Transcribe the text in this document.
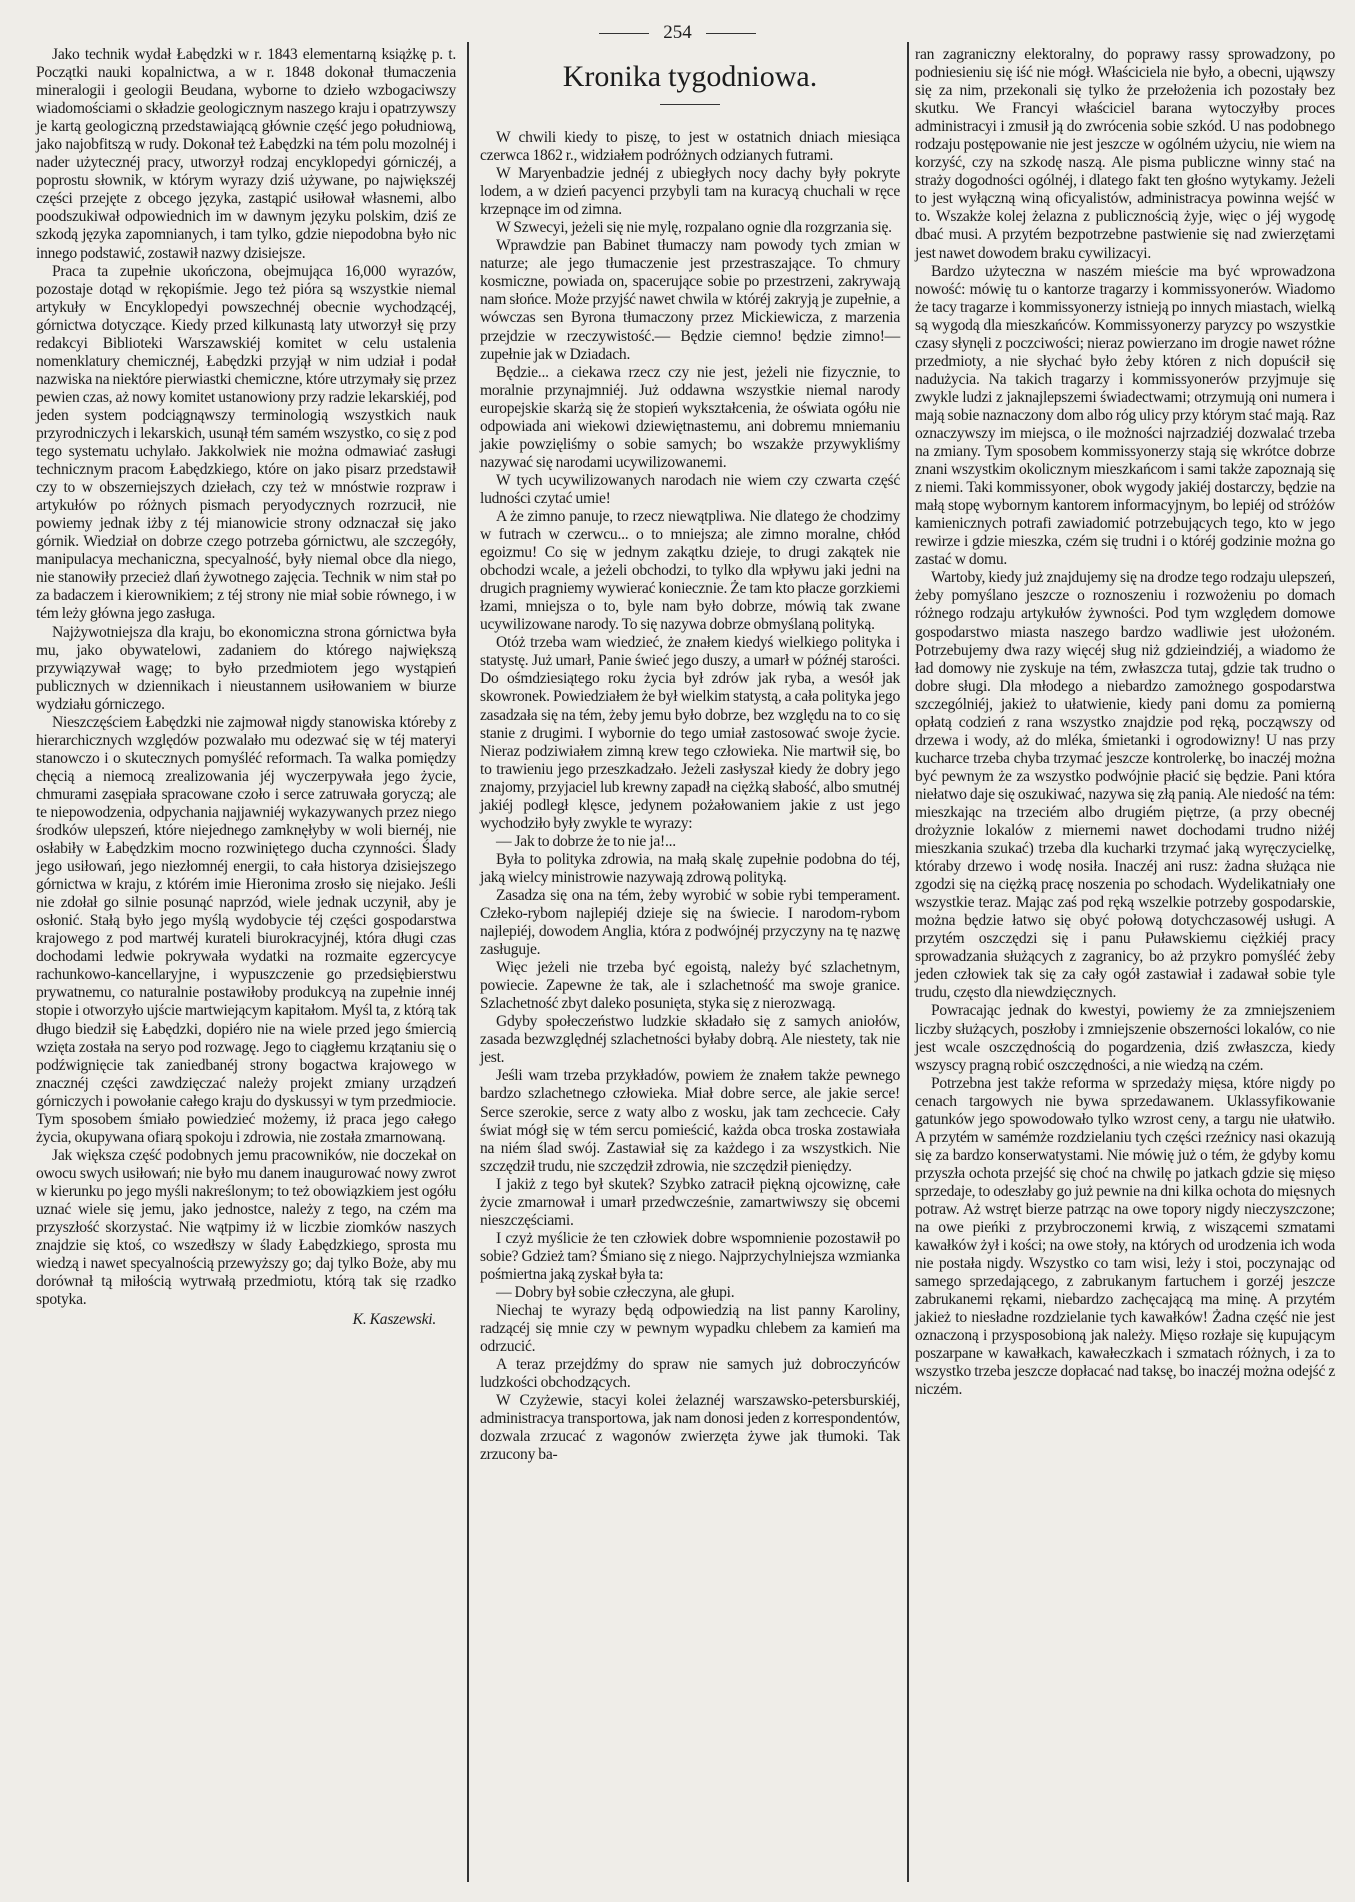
254

Jako technik wydał Łabędzki w r. 1843 elementarną książkę p. t. Początki nauki kopalnictwa, a w r. 1848 dokonał tłumaczenia mineralogii i geologii Beudana, wyborne to dzieło wzbogaciwszy wiadomościami o składzie geologicznym naszego kraju i opatrzywszy je kartą geologiczną przedstawiającą głównie część jego południową, jako najobfitszą w rudy. Dokonał też Łabędzki na tém polu mozolnéj i nader użytecznéj pracy, utworzył rodzaj encyklopedyi górniczéj, a poprostu słownik, w którym wyrazy dziś używane, po największéj części przejęte z obcego języka, zastąpić usiłował własnemi, albo poodszukiwał odpowiednich im w dawnym języku polskim, dziś ze szkodą języka zapomnianych, i tam tylko, gdzie niepodobna było nic innego podstawić, zostawił nazwy dzisiejsze.

Praca ta zupełnie ukończona, obejmująca 16,000 wyrazów, pozostaje dotąd w rękopiśmie. Jego też pióra są wszystkie niemal artykuły w Encyklopedyi powszechnéj obecnie wychodzącéj, górnictwa dotyczące. Kiedy przed kilkunastą laty utworzył się przy redakcyi Biblioteki Warszawskiéj komitet w celu ustalenia nomenklatury chemicznéj, Łabędzki przyjął w nim udział i podał nazwiska na niektóre pierwiastki chemiczne, które utrzymały się przez pewien czas, aż nowy komitet ustanowiony przy radzie lekarskiéj, pod jeden system podciągnąwszy terminologią wszystkich nauk przyrodniczych i lekarskich, usunął tém samém wszystko, co się z pod tego systematu uchylało. Jakkolwiek nie można odmawiać zasługi technicznym pracom Łabędzkiego, które on jako pisarz przedstawił czy to w obszerniejszych dziełach, czy też w mnóstwie rozpraw i artykułów po różnych pismach peryodycznych rozrzucił, nie powiemy jednak iżby z téj mianowicie strony odznaczał się jako górnik. Wiedział on dobrze czego potrzeba górnictwu, ale szczegóły, manipulacya mechaniczna, specyalność, były niemal obce dla niego, nie stanowiły przecież dlań żywotnego zajęcia. Technik w nim stał po za badaczem i kierownikiem; z téj strony nie miał sobie równego, i w tém leży główna jego zasługa.

Najżywotniejsza dla kraju, bo ekonomiczna strona górnictwa była mu, jako obywatelowi, zadaniem do którego największą przywiązywał wagę; to było przedmiotem jego wystąpień publicznych w dziennikach i nieustannem usiłowaniem w biurze wydziału górniczego.

Nieszczęściem Łabędzki nie zajmował nigdy stanowiska któreby z hierarchicznych względów pozwalało mu odezwać się w téj materyi stanowczo i o skutecznych pomyśléć reformach. Ta walka pomiędzy chęcią a niemocą zrealizowania jéj wyczerpywała jego życie, chmurami zasępiała spracowane czoło i serce zatruwała goryczą; ale te niepowodzenia, odpychania najjawniéj wykazywanych przez niego środków ulepszeń, które niejednego zamknęłyby w woli biernéj, nie osłabiły w Łabędzkim mocno rozwiniętego ducha czynności. Ślady jego usiłowań, jego niezłomnéj energii, to cała historya dzisiejszego górnictwa w kraju, z którém imie Hieronima zrosło się niejako. Jeśli nie zdołał go silnie posunąć naprzód, wiele jednak uczynił, aby je osłonić. Stałą było jego myślą wydobycie téj części gospodarstwa krajowego z pod martwéj kurateli biurokracyjnéj, która długi czas dochodami ledwie pokrywała wydatki na rozmaite egzercycye rachunkowo-kancellaryjne, i wypuszczenie go przedsiębierstwu prywatnemu, co naturalnie postawiłoby produkcyą na zupełnie innéj stopie i otworzyło ujście martwiejącym kapitałom. Myśl ta, z którą tak długo biedził się Łabędzki, dopiéro nie na wiele przed jego śmiercią wzięta została na seryo pod rozwagę. Jego to ciągłemu krzątaniu się o podźwignięcie tak zaniedbanéj strony bogactwa krajowego w znacznéj części zawdzięczać należy projekt zmiany urządzeń górniczych i powołanie całego kraju do dyskussyi w tym przedmiocie. Tym sposobem śmiało powiedzieć możemy, iż praca jego całego życia, okupywana ofiarą spokoju i zdrowia, nie została zmarnowaną.

Jak większa część podobnych jemu pracowników, nie doczekał on owocu swych usiłowań; nie było mu danem inaugurować nowy zwrot w kierunku po jego myśli nakreślonym; to też obowiązkiem jest ogółu uznać wiele się jemu, jako jednostce, należy z tego, na czém ma przyszłość skorzystać. Nie wątpimy iż w liczbie ziomków naszych znajdzie się ktoś, co wszedłszy w ślady Łabędzkiego, sprosta mu wiedzą i nawet specyalnością przewyższy go; daj tylko Boże, aby mu dorównał tą miłością wytrwałą przedmiotu, którą tak się rzadko spotyka.

K. Kaszewski.
Kronika tygodniowa.

W chwili kiedy to piszę, to jest w ostatnich dniach miesiąca czerwca 1862 r., widziałem podróżnych odzianych futrami.

W Maryenbadzie jednéj z ubiegłych nocy dachy były pokryte lodem, a w dzień pacyenci przybyli tam na kuracyą chuchali w ręce krzepnące im od zimna.

W Szwecyi, jeżeli się nie mylę, rozpalano ognie dla rozgrzania się.

Wprawdzie pan Babinet tłumaczy nam powody tych zmian w naturze; ale jego tłumaczenie jest przestraszające. To chmury kosmiczne, powiada on, spacerujące sobie po przestrzeni, zakrywają nam słońce. Może przyjść nawet chwila w któréj zakryją je zupełnie, a wówczas sen Byrona tłumaczony przez Mickiewicza, z marzenia przejdzie w rzeczywistość.— Będzie ciemno! będzie zimno!—zupełnie jak w Dziadach.

Będzie... a ciekawa rzecz czy nie jest, jeżeli nie fizycznie, to moralnie przynajmniéj. Już oddawna wszystkie niemal narody europejskie skarżą się że stopień wykształcenia, że oświata ogółu nie odpowiada ani wiekowi dziewiętnastemu, ani dobremu mniemaniu jakie powzięliśmy o sobie samych; bo wszakże przywykliśmy nazywać się narodami ucywilizowanemi.

W tych ucywilizowanych narodach nie wiem czy czwarta część ludności czytać umie!

A że zimno panuje, to rzecz niewątpliwa. Nie dlatego że chodzimy w futrach w czerwcu... o to mniejsza; ale zimno moralne, chłód egoizmu! Co się w jednym zakątku dzieje, to drugi zakątek nie obchodzi wcale, a jeżeli obchodzi, to tylko dla wpływu jaki jedni na drugich pragniemy wywierać koniecznie. Że tam kto płacze gorzkiemi łzami, mniejsza o to, byle nam było dobrze, mówią tak zwane ucywilizowane narody. To się nazywa dobrze obmyślaną polityką.

Otóż trzeba wam wiedzieć, że znałem kiedyś wielkiego polityka i statystę. Już umarł, Panie świeć jego duszy, a umarł w późnéj starości. Do ośmdziesiątego roku życia był zdrów jak ryba, a wesół jak skowronek. Powiedziałem że był wielkim statystą, a cała polityka jego zasadzała się na tém, żeby jemu było dobrze, bez względu na to co się stanie z drugimi. I wybornie do tego umiał zastosować swoje życie. Nieraz podziwiałem zimną krew tego człowieka. Nie martwił się, bo to trawieniu jego przeszkadzało. Jeżeli zasłyszał kiedy że dobry jego znajomy, przyjaciel lub krewny zapadł na ciężką słabość, albo smutnéj jakiéj podległ klęsce, jedynem pożałowaniem jakie z ust jego wychodziło były zwykle te wyrazy:

— Jak to dobrze że to nie ja!...

Była to polityka zdrowia, na małą skalę zupełnie podobna do téj, jaką wielcy ministrowie nazywają zdrową polityką.

Zasadza się ona na tém, żeby wyrobić w sobie rybi temperament. Człeko-rybom najlepiéj dzieje się na świecie. I narodom-rybom najlepiéj, dowodem Anglia, która z podwójnéj przyczyny na tę nazwę zasługuje.

Więc jeżeli nie trzeba być egoistą, należy być szlachetnym, powiecie. Zapewne że tak, ale i szlachetność ma swoje granice. Szlachetność zbyt daleko posunięta, styka się z nierozwagą.

Gdyby społeczeństwo ludzkie składało się z samych aniołów, zasada bezwzględnéj szlachetności byłaby dobrą. Ale niestety, tak nie jest.

Jeśli wam trzeba przykładów, powiem że znałem także pewnego bardzo szlachetnego człowieka. Miał dobre serce, ale jakie serce! Serce szerokie, serce z waty albo z wosku, jak tam zechcecie. Cały świat mógł się w tém sercu pomieścić, każda obca troska zostawiała na niém ślad swój. Zastawiał się za każdego i za wszystkich. Nie szczędził trudu, nie szczędził zdrowia, nie szczędził pieniędzy.

I jakiż z tego był skutek? Szybko zatracił piękną ojcowiznę, całe życie zmarnował i umarł przedwcześnie, zamartwiwszy się obcemi nieszczęściami.

I czyż myślicie że ten człowiek dobre wspomnienie pozostawił po sobie? Gdzież tam? Śmiano się z niego. Najprzychylniejsza wzmianka pośmiertna jaką zyskał była ta:

— Dobry był sobie człeczyna, ale głupi.

Niechaj te wyrazy będą odpowiedzią na list panny Karoliny, radzącéj się mnie czy w pewnym wypadku chlebem za kamień ma odrzucić.

A teraz przejdźmy do spraw nie samych już dobroczyńców ludzkości obchodzących.

W Czyżewie, stacyi kolei żelaznéj warszawsko-petersburskiéj, administracya transportowa, jak nam donosi jeden z korrespondentów, dozwala zrzucać z wagonów zwierzęta żywe jak tłumoki. Tak zrzucony ba-

ran zagraniczny elektoralny, do poprawy rassy sprowadzony, po podniesieniu się iść nie mógł. Właściciela nie było, a obecni, ująwszy się za nim, przekonali się tylko że przełożenia ich pozostały bez skutku. We Francyi właściciel barana wytoczyłby proces administracyi i zmusił ją do zwrócenia sobie szkód. U nas podobnego rodzaju postępowanie nie jest jeszcze w ogólném użyciu, nie wiem na korzyść, czy na szkodę naszą. Ale pisma publiczne winny stać na straży dogodności ogólnéj, i dlatego fakt ten głośno wytykamy. Jeżeli to jest wyłączną winą oficyalistów, administracya powinna wejść w to. Wszakże kolej żelazna z publicznością żyje, więc o jéj wygodę dbać musi. A przytém bezpotrzebne pastwienie się nad zwierzętami jest nawet dowodem braku cywilizacyi.

Bardzo użyteczna w naszém mieście ma być wprowadzona nowość: mówię tu o kantorze tragarzy i kommissyonerów. Wiadomo że tacy tragarze i kommissyonerzy istnieją po innych miastach, wielką są wygodą dla mieszkańców. Kommissyonerzy paryzcy po wszystkie czasy słynęli z poczciwości; nieraz powierzano im drogie nawet różne przedmioty, a nie słychać było żeby któren z nich dopuścił się nadużycia. Na takich tragarzy i kommissyonerów przyjmuje się zwykle ludzi z jaknajlepszemi świadectwami; otrzymują oni numera i mają sobie naznaczony dom albo róg ulicy przy którym stać mają. Raz oznaczywszy im miejsca, o ile możności najrzadziéj dozwalać trzeba na zmiany. Tym sposobem kommissyonerzy stają się wkrótce dobrze znani wszystkim okolicznym mieszkańcom i sami także zapoznają się z niemi. Taki kommissyoner, obok wygody jakiéj dostarczy, będzie na małą stopę wybornym kantorem informacyjnym, bo lepiéj od stróżów kamienicznych potrafi zawiadomić potrzebujących tego, kto w jego rewirze i gdzie mieszka, czém się trudni i o któréj godzinie można go zastać w domu.

Wartoby, kiedy już znajdujemy się na drodze tego rodzaju ulepszeń, żeby pomyślano jeszcze o roznoszeniu i rozwożeniu po domach różnego rodzaju artykułów żywności. Pod tym względem domowe gospodarstwo miasta naszego bardzo wadliwie jest ułożoném. Potrzebujemy dwa razy więcéj sług niż gdzieindziéj, a wiadomo że ład domowy nie zyskuje na tém, zwłaszcza tutaj, gdzie tak trudno o dobre sługi. Dla młodego a niebardzo zamożnego gospodarstwa szczególniéj, jakież to ułatwienie, kiedy pani domu za pomierną opłatą codzień z rana wszystko znajdzie pod ręką, począwszy od drzewa i wody, aż do mléka, śmietanki i ogrodowizny! U nas przy kucharce trzeba chyba trzymać jeszcze kontrolerkę, bo inaczéj można być pewnym że za wszystko podwójnie płacić się będzie. Pani która niełatwo daje się oszukiwać, nazywa się złą panią. Ale niedość na tém: mieszkając na trzeciém albo drugiém piętrze, (a przy obecnéj drożyznie lokalów z miernemi nawet dochodami trudno niżéj mieszkania szukać) trzeba dla kucharki trzymać jaką wyręczycielkę, któraby drzewo i wodę nosiła. Inaczéj ani rusz: żadna służąca nie zgodzi się na ciężką pracę noszenia po schodach. Wydelikatniały one wszystkie teraz. Mając zaś pod ręką wszelkie potrzeby gospodarskie, można będzie łatwo się obyć połową dotychczasowéj usługi. A przytém oszczędzi się i panu Puławskiemu ciężkiéj pracy sprowadzania służących z zagranicy, bo aż przykro pomyśléć żeby jeden człowiek tak się za cały ogół zastawiał i zadawał sobie tyle trudu, często dla niewdzięcznych.

Powracając jednak do kwestyi, powiemy że za zmniejszeniem liczby służących, poszłoby i zmniejszenie obszerności lokalów, co nie jest wcale oszczędnością do pogardzenia, dziś zwłaszcza, kiedy wszyscy pragną robić oszczędności, a nie wiedzą na czém.

Potrzebna jest także reforma w sprzedaży mięsa, które nigdy po cenach targowych nie bywa sprzedawanem. Uklassyfikowanie gatunków jego spowodowało tylko wzrost ceny, a targu nie ułatwiło. A przytém w samémże rozdzielaniu tych części rzeźnicy nasi okazują się za bardzo konserwatystami. Nie mówię już o tém, że gdyby komu przyszła ochota przejść się choć na chwilę po jatkach gdzie się mięso sprzedaje, to odeszłaby go już pewnie na dni kilka ochota do mięsnych potraw. Aż wstręt bierze patrząc na owe topory nigdy nieczyszczone; na owe pieńki z przybroczonemi krwią, z wiszącemi szmatami kawałków żył i kości; na owe stoły, na których od urodzenia ich woda nie postała nigdy. Wszystko co tam wisi, leży i stoi, poczynając od samego sprzedającego, z zabrukanym fartuchem i gorzéj jeszcze zabrukanemi rękami, niebardzo zachęcającą ma minę. A przytém jakież to niesładne rozdzielanie tych kawałków! Żadna część nie jest oznaczoną i przysposobioną jak należy. Mięso rozłaje się kupującym poszarpane w kawałkach, kawałeczkach i szmatach różnych, i za to wszystko trzeba jeszcze dopłacać nad taksę, bo inaczéj można odejść z niczém.
